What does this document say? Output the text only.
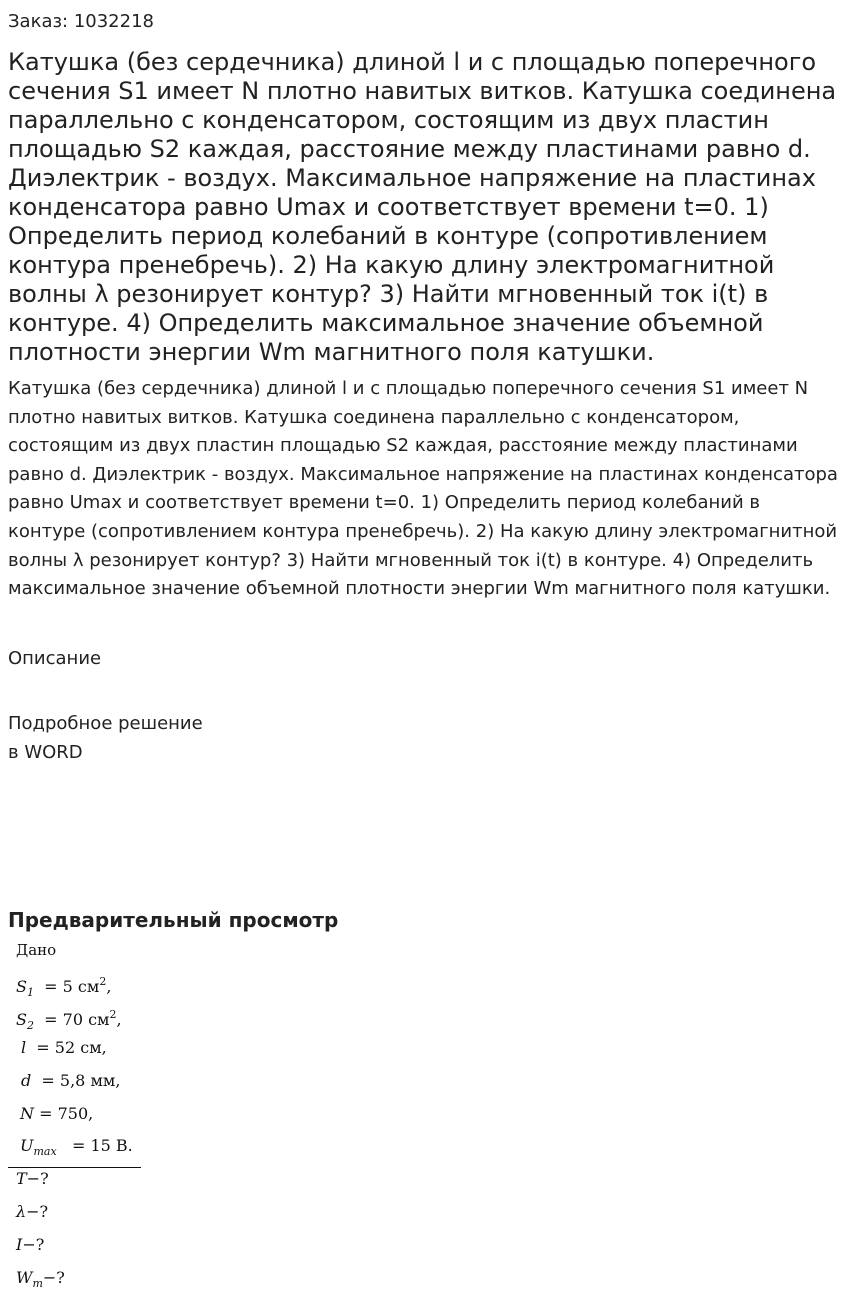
Заказ: 1032218
Катушка (без сердечника) длиной l и с площадью поперечного сечения S1 имеет N плотно навитых витков. Катушка соединена параллельно с конденсатором, состоящим из двух пластин площадью S2 каждая, расстояние между пластинами равно d. Диэлектрик - воздух. Максимальное напряжение на пластинах конденсатора равно Umax и соответствует времени t=0. 1) Определить период колебаний в контуре (сопротивлением контура пренебречь). 2) На какую длину электромагнитной волны λ резонирует контур? 3) Найти мгновенный ток i(t) в контуре. 4) Определить максимальное значение объемной плотности энергии Wm магнитного поля катушки.

Катушка (без сердечника) длиной l и с площадью поперечного сечения S1 имеет N плотно навитых витков. Катушка соединена параллельно с конденсатором, состоящим из двух пластин площадью S2 каждая, расстояние между пластинами равно d. Диэлектрик - воздух. Максимальное напряжение на пластинах конденсатора равно Umax и соответствует времени t=0. 1) Определить период колебаний в контуре (сопротивлением контура пренебречь). 2) На какую длину электромагнитной волны λ резонирует контур? 3) Найти мгновенный ток i(t) в контуре. 4) Определить максимальное значение объемной плотности энергии Wm магнитного поля катушки.

Описание
Подробное решение
в WORD
Предварительный просмотр
Дано
$S_1 = 5$ $см^2$,
$S_2 = 70$ $см^2$,
l = 52 см,
d = 5,8 мм,
N = 750,
$U_{max} = 15$ В.
T−?
λ−?
I−?
$W_m-$?
